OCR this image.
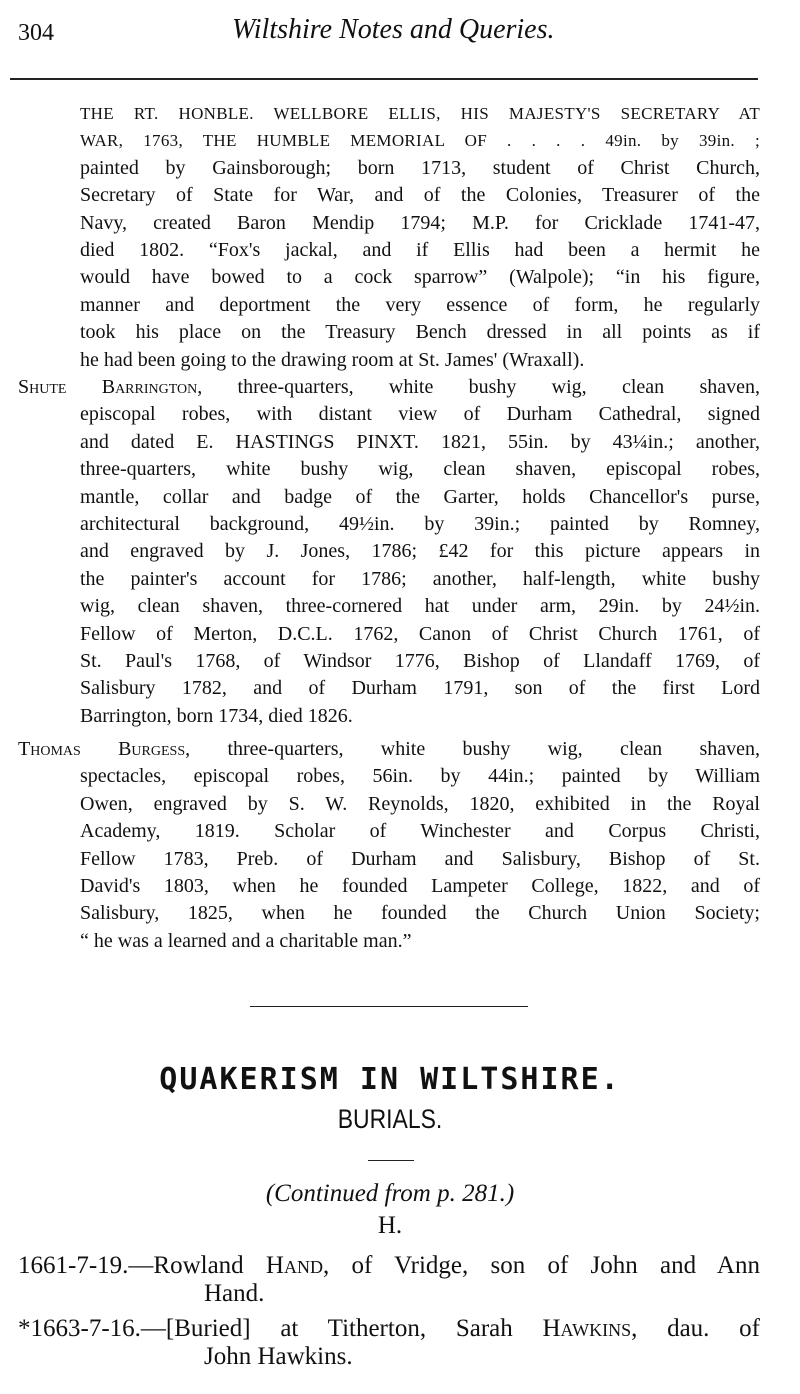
304	Wiltshire Notes and Queries.
THE RT. HONBLE. WELLBORE ELLIS, HIS MAJESTY'S SECRETARY AT
WAR, 1763, THE HUMBLE MEMORIAL OF . . . . 49in. by 39in. ;
painted by Gainsborough; born 1713, student of Christ Church,
Secretary of State for War, and of the Colonies, Treasurer of the
Navy, created Baron Mendip 1794; M.P. for Cricklade 1741-47,
died 1802. “Fox's jackal, and if Ellis had been a hermit he
would have bowed to a cock sparrow” (Walpole); “in his figure,
manner and deportment the very essence of form, he regularly
took his place on the Treasury Bench dressed in all points as if
he had been going to the drawing room at St. James' (Wraxall).
Shute Barrington, three-quarters, white bushy wig, clean shaven,
episcopal robes, with distant view of Durham Cathedral, signed
and dated E. HASTINGS PINXT. 1821, 55in. by 43¼in.; another,
three-quarters, white bushy wig, clean shaven, episcopal robes,
mantle, collar and badge of the Garter, holds Chancellor's purse,
architectural background, 49½in. by 39in.; painted by Romney,
and engraved by J. Jones, 1786; £42 for this picture appears in
the painter's account for 1786; another, half-length, white bushy
wig, clean shaven, three-cornered hat under arm, 29in. by 24½in.
Fellow of Merton, D.C.L. 1762, Canon of Christ Church 1761, of
St. Paul's 1768, of Windsor 1776, Bishop of Llandaff 1769, of
Salisbury 1782, and of Durham 1791, son of the first Lord
Barrington, born 1734, died 1826.
Thomas Burgess, three-quarters, white bushy wig, clean shaven,
spectacles, episcopal robes, 56in. by 44in.; painted by William
Owen, engraved by S. W. Reynolds, 1820, exhibited in the Royal
Academy, 1819. Scholar of Winchester and Corpus Christi,
Fellow 1783, Preb. of Durham and Salisbury, Bishop of St.
David's 1803, when he founded Lampeter College, 1822, and of
Salisbury, 1825, when he founded the Church Union Society;
“ he was a learned and a charitable man.”
QUAKERISM IN WILTSHIRE.
BURIALS.
(Continued from p. 281.)
H.
1661-7-19.—Rowland Hand, of Vridge, son of John and Ann
Hand.
*1663-7-16.—[Buried] at Titherton, Sarah Hawkins, dau. of
John Hawkins.
